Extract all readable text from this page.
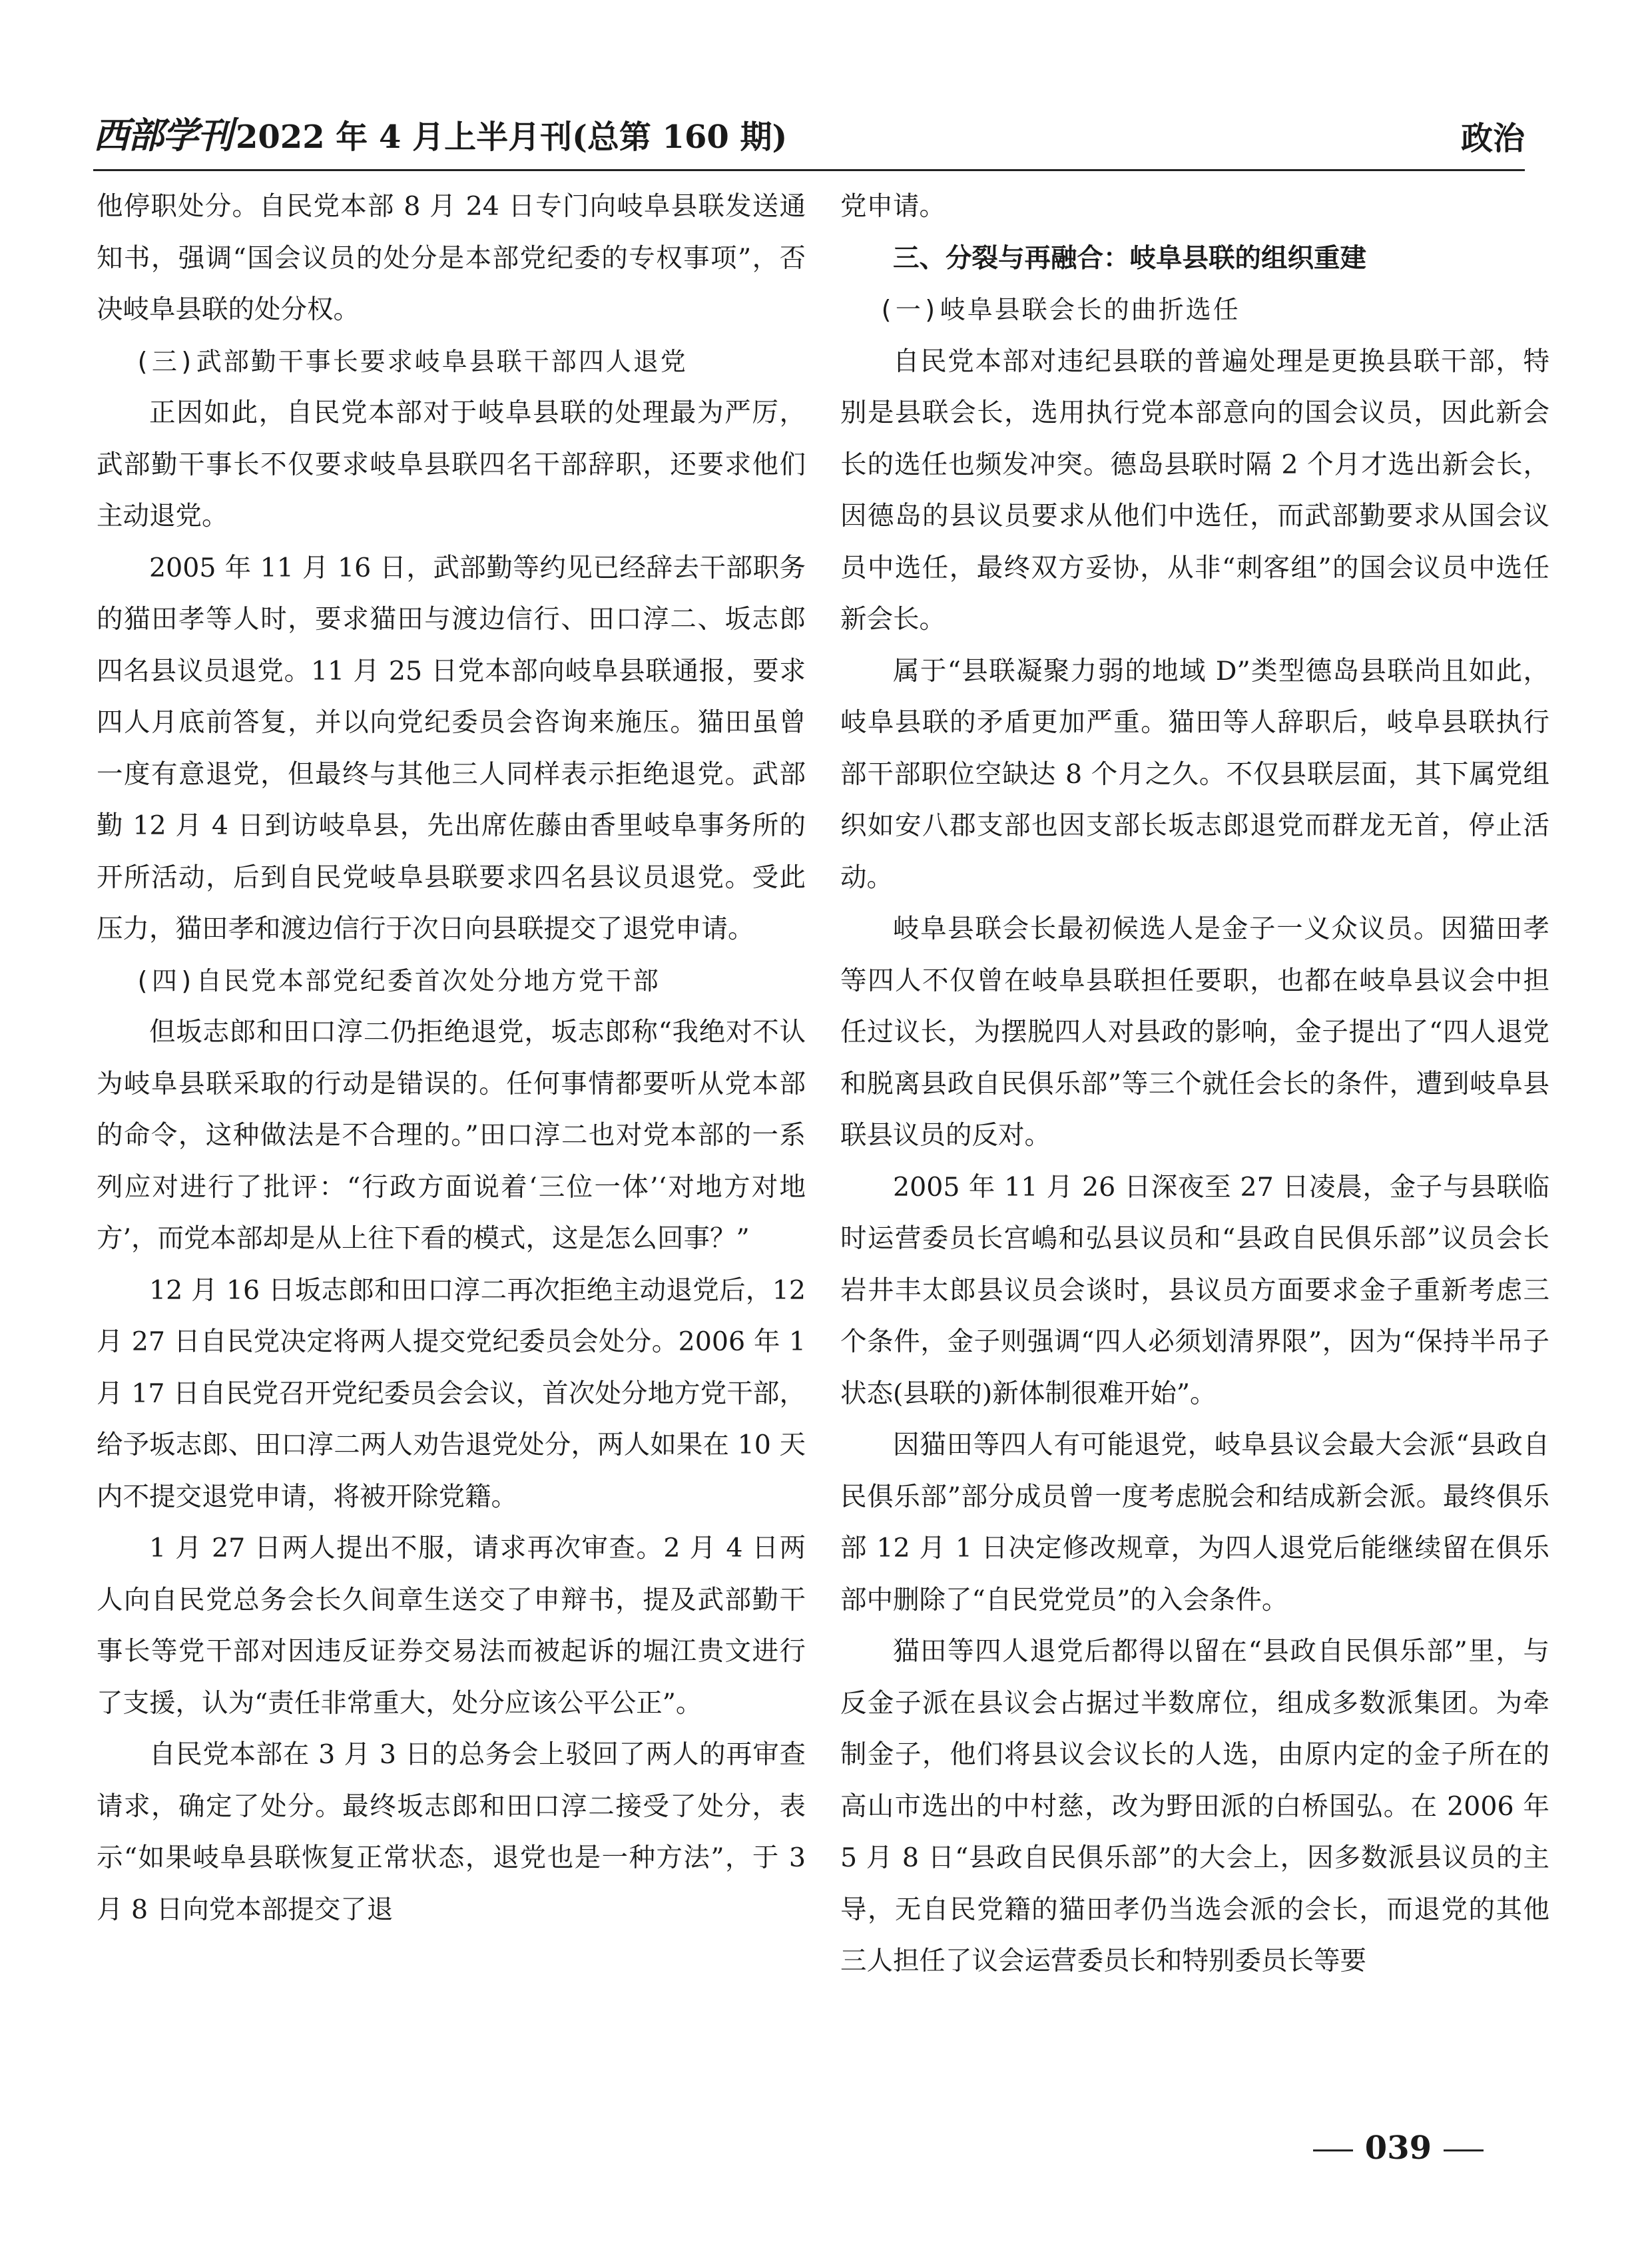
西部学刊 2022 年 4 月上半月刊(总第 160 期)	政治
他停职处分。自民党本部 8 月 24 日专门向岐阜县联发送通知书，强调“国会议员的处分是本部党纪委的专权事项”，否决岐阜县联的处分权。
(三)武部勤干事长要求岐阜县联干部四人退党
正因如此，自民党本部对于岐阜县联的处理最为严厉，武部勤干事长不仅要求岐阜县联四名干部辞职，还要求他们主动退党。
2005 年 11 月 16 日，武部勤等约见已经辞去干部职务的猫田孝等人时，要求猫田与渡边信行、田口淳二、坂志郎四名县议员退党。11 月 25 日党本部向岐阜县联通报，要求四人月底前答复，并以向党纪委员会咨询来施压。猫田虽曾一度有意退党，但最终与其他三人同样表示拒绝退党。武部勤 12 月 4 日到访岐阜县，先出席佐藤由香里岐阜事务所的开所活动，后到自民党岐阜县联要求四名县议员退党。受此压力，猫田孝和渡边信行于次日向县联提交了退党申请。
(四)自民党本部党纪委首次处分地方党干部
但坂志郎和田口淳二仍拒绝退党，坂志郎称“我绝对不认为岐阜县联采取的行动是错误的。任何事情都要听从党本部的命令，这种做法是不合理的。”田口淳二也对党本部的一系列应对进行了批评：“行政方面说着‘三位一体’‘对地方对地方’，而党本部却是从上往下看的模式，这是怎么回事？”
12 月 16 日坂志郎和田口淳二再次拒绝主动退党后，12 月 27 日自民党决定将两人提交党纪委员会处分。2006 年 1 月 17 日自民党召开党纪委员会会议，首次处分地方党干部，给予坂志郎、田口淳二两人劝告退党处分，两人如果在 10 天内不提交退党申请，将被开除党籍。
1 月 27 日两人提出不服，请求再次审查。2 月 4 日两人向自民党总务会长久间章生送交了申辩书，提及武部勤干事长等党干部对因违反证券交易法而被起诉的堀江贵文进行了支援，认为“责任非常重大，处分应该公平公正”。
自民党本部在 3 月 3 日的总务会上驳回了两人的再审查请求，确定了处分。最终坂志郎和田口淳二接受了处分，表示“如果岐阜县联恢复正常状态，退党也是一种方法”，于 3 月 8 日向党本部提交了退
党申请。
三、分裂与再融合：岐阜县联的组织重建
(一)岐阜县联会长的曲折选任
自民党本部对违纪县联的普遍处理是更换县联干部，特别是县联会长，选用执行党本部意向的国会议员，因此新会长的选任也频发冲突。德岛县联时隔 2 个月才选出新会长，因德岛的县议员要求从他们中选任，而武部勤要求从国会议员中选任，最终双方妥协，从非“刺客组”的国会议员中选任新会长。
属于“县联凝聚力弱的地域 D”类型德岛县联尚且如此，岐阜县联的矛盾更加严重。猫田等人辞职后，岐阜县联执行部干部职位空缺达 8 个月之久。不仅县联层面，其下属党组织如安八郡支部也因支部长坂志郎退党而群龙无首，停止活动。
岐阜县联会长最初候选人是金子一义众议员。因猫田孝等四人不仅曾在岐阜县联担任要职，也都在岐阜县议会中担任过议长，为摆脱四人对县政的影响，金子提出了“四人退党和脱离县政自民俱乐部”等三个就任会长的条件，遭到岐阜县联县议员的反对。
2005 年 11 月 26 日深夜至 27 日凌晨，金子与县联临时运营委员长宫嶋和弘县议员和“县政自民俱乐部”议员会长岩井丰太郎县议员会谈时，县议员方面要求金子重新考虑三个条件，金子则强调“四人必须划清界限”，因为“保持半吊子状态(县联的)新体制很难开始”。
因猫田等四人有可能退党，岐阜县议会最大会派“县政自民俱乐部”部分成员曾一度考虑脱会和结成新会派。最终俱乐部 12 月 1 日决定修改规章，为四人退党后能继续留在俱乐部中删除了“自民党党员”的入会条件。
猫田等四人退党后都得以留在“县政自民俱乐部”里，与反金子派在县议会占据过半数席位，组成多数派集团。为牵制金子，他们将县议会议长的人选，由原内定的金子所在的高山市选出的中村慈，改为野田派的白桥国弘。在 2006 年 5 月 8 日“县政自民俱乐部”的大会上，因多数派县议员的主导，无自民党籍的猫田孝仍当选会派的会长，而退党的其他三人担任了议会运营委员长和特别委员长等要
039
